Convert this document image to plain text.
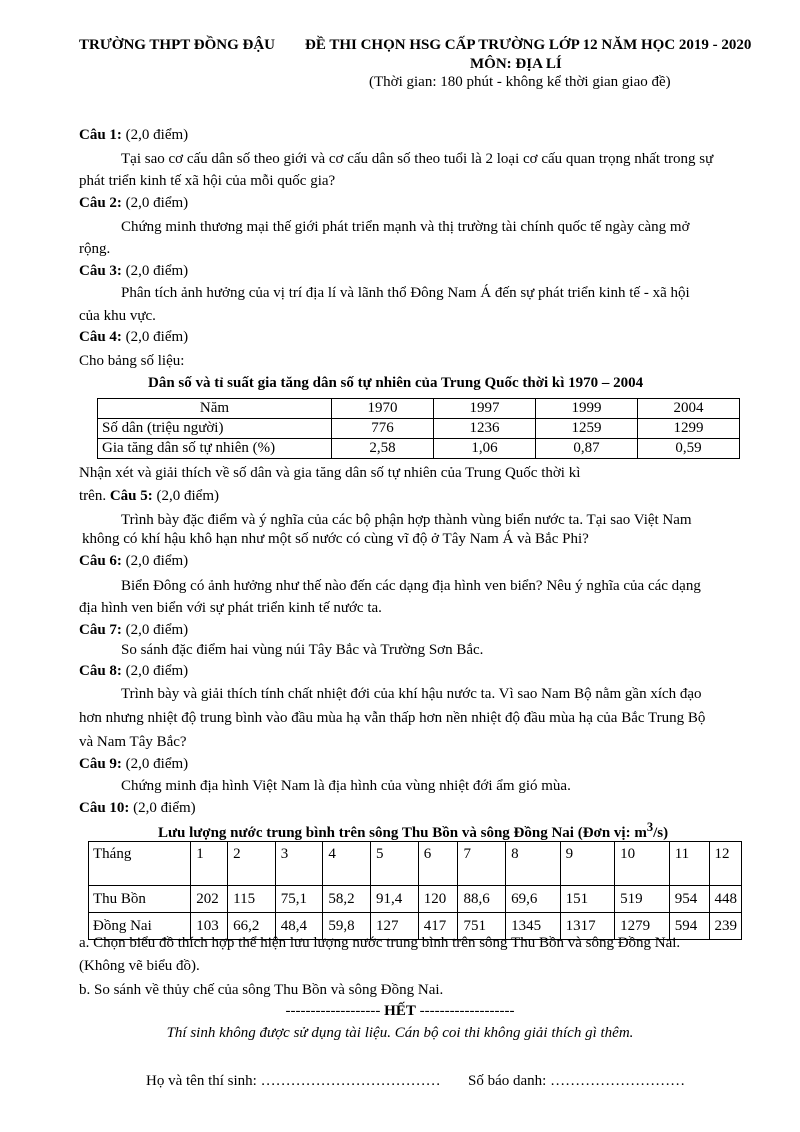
TRƯỜNG THPT ĐỒNG ĐẬU ĐỀ THI CHỌN HSG CẤP TRƯỜNG LỚP 12 NĂM HỌC 2019 - 2020
MÔN: ĐỊA LÍ
(Thời gian: 180 phút - không kể thời gian giao đề)
Câu 1: (2,0 điểm)
Tại sao cơ cấu dân số theo giới và cơ cấu dân số theo tuổi là 2 loại cơ cấu quan trọng nhất trong sự
phát triển kinh tế xã hội của mỗi quốc gia?
Câu 2: (2,0 điểm)
Chứng minh thương mại thế giới phát triển mạnh và thị trường tài chính quốc tế ngày càng mở
rộng.
Câu 3: (2,0 điểm)
Phân tích ảnh hưởng của vị trí địa lí và lãnh thổ Đông Nam Á đến sự phát triển kinh tế - xã hội
của khu vực.
Câu 4: (2,0 điểm)
Cho bảng số liệu:
Dân số và tỉ suất gia tăng dân số tự nhiên của Trung Quốc thời kì 1970 – 2004
Năm	1970	1997	1999	2004
Số dân (triệu người)	776	1236	1259	1299
Gia tăng dân số tự nhiên (%)	2,58	1,06	0,87	0,59
Nhận xét và giải thích về số dân và gia tăng dân số tự nhiên của Trung Quốc thời kì
trên. Câu 5: (2,0 điểm)
Trình bày đặc điểm và ý nghĩa của các bộ phận hợp thành vùng biển nước ta. Tại sao Việt Nam
không có khí hậu khô hạn như một số nước có cùng vĩ độ ở Tây Nam Á và Bắc Phi?
Câu 6: (2,0 điểm)
Biển Đông có ảnh hưởng như thế nào đến các dạng địa hình ven biển? Nêu ý nghĩa của các dạng
địa hình ven biển với sự phát triển kinh tế nước ta.
Câu 7: (2,0 điểm)
So sánh đặc điểm hai vùng núi Tây Bắc và Trường Sơn Bắc.
Câu 8: (2,0 điểm)
Trình bày và giải thích tính chất nhiệt đới của khí hậu nước ta. Vì sao Nam Bộ nằm gần xích đạo
hơn nhưng nhiệt độ trung bình vào đầu mùa hạ vẫn thấp hơn nền nhiệt độ đầu mùa hạ của Bắc Trung Bộ
và Nam Tây Bắc?
Câu 9: (2,0 điểm)
Chứng minh địa hình Việt Nam là địa hình của vùng nhiệt đới ẩm gió mùa.
Câu 10: (2,0 điểm)
Lưu lượng nước trung bình trên sông Thu Bồn và sông Đồng Nai (Đơn vị: $m^3/s$)
Tháng	1	2	3	4	5	6	7	8	9	10	11	12
Thu Bồn	202	115	75,1	58,2	91,4	120	88,6	69,6	151	519	954	448
Đồng Nai	103	66,2	48,4	59,8	127	417	751	1345	1317	1279	594	239
a. Chọn biểu đồ thích hợp thể hiện lưu lượng nước trung bình trên sông Thu Bồn và sông Đồng Nai.
(Không vẽ biểu đồ).
b. So sánh về thủy chế của sông Thu Bồn và sông Đồng Nai.
------------------- HẾT -------------------
Thí sinh không được sử dụng tài liệu. Cán bộ coi thi không giải thích gì thêm.
Họ và tên thí sinh: ……………………………… Số báo danh: ………………………
